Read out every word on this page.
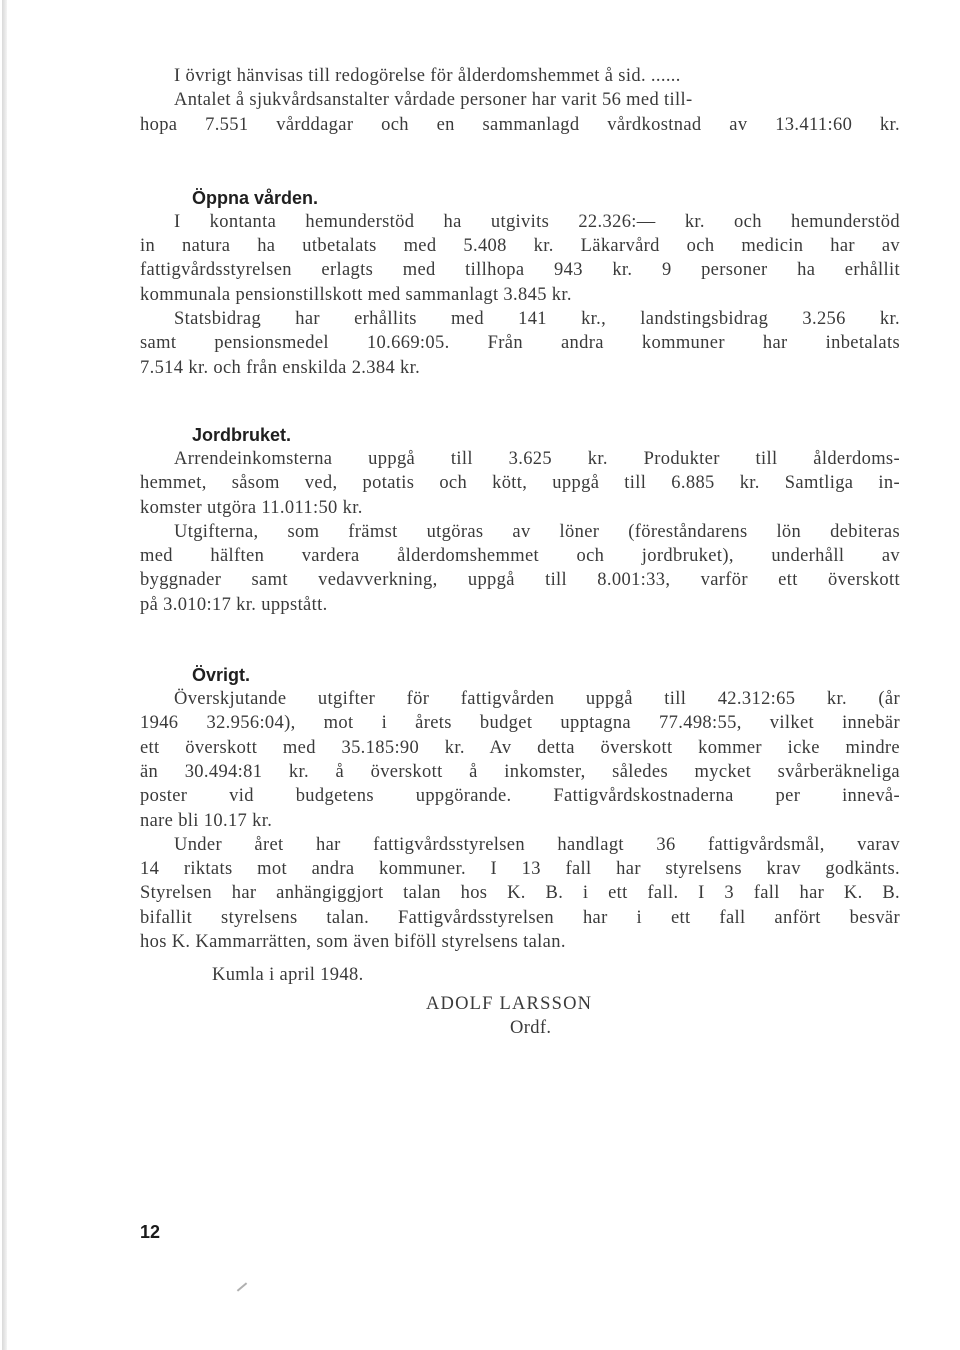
I övrigt hänvisas till redogörelse för ålderdomshemmet å sid. ......
Antalet å sjukvårdsanstalter vårdade personer har varit 56 med till-
hopa 7.551 vårddagar och en sammanlagd vårdkostnad av 13.411:60 kr.
Öppna vården.
I kontanta hemunderstöd ha utgivits 22.326:— kr. och hemunderstöd
in natura ha utbetalats med 5.408 kr. Läkarvård och medicin har av
fattigvårdsstyrelsen erlagts med tillhopa 943 kr. 9 personer ha erhållit
kommunala pensionstillskott med sammanlagt 3.845 kr.
Statsbidrag har erhållits med 141 kr., landstingsbidrag 3.256 kr.
samt pensionsmedel 10.669:05. Från andra kommuner har inbetalats
7.514 kr. och från enskilda 2.384 kr.
Jordbruket.
Arrendeinkomsterna uppgå till 3.625 kr. Produkter till ålderdoms-
hemmet, såsom ved, potatis och kött, uppgå till 6.885 kr. Samtliga in-
komster utgöra 11.011:50 kr.
Utgifterna, som främst utgöras av löner (föreståndarens lön debiteras
med hälften vardera ålderdomshemmet och jordbruket), underhåll av
byggnader samt vedavverkning, uppgå till 8.001:33, varför ett överskott
på 3.010:17 kr. uppstått.
Övrigt.
Överskjutande utgifter för fattigvården uppgå till 42.312:65 kr. (år
1946 32.956:04), mot i årets budget upptagna 77.498:55, vilket innebär
ett överskott med 35.185:90 kr. Av detta överskott kommer icke mindre
än 30.494:81 kr. å överskott å inkomster, således mycket svårberäkneliga
poster vid budgetens uppgörande. Fattigvårdskostnaderna per innevå-
nare bli 10.17 kr.
Under året har fattigvårdsstyrelsen handlagt 36 fattigvårdsmål, varav
14 riktats mot andra kommuner. I 13 fall har styrelsens krav godkänts.
Styrelsen har anhängiggjort talan hos K. B. i ett fall. I 3 fall har K. B.
bifallit styrelsens talan. Fattigvårdsstyrelsen har i ett fall anfört besvär
hos K. Kammarrätten, som även biföll styrelsens talan.
Kumla i april 1948.
ADOLF LARSSON
Ordf.
12
